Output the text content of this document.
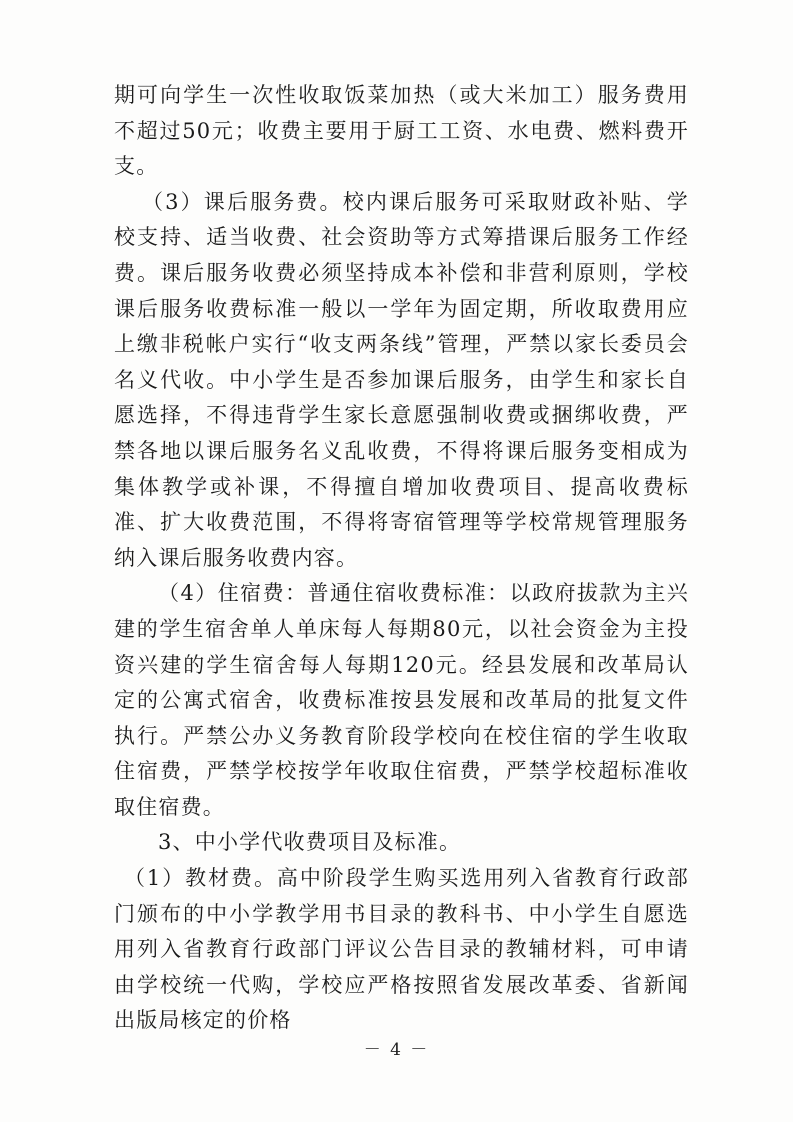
期可向学生一次性收取饭菜加热（或大米加工）服务费用不超过50元；收费主要用于厨工工资、水电费、燃料费开支。

（3）课后服务费。校内课后服务可采取财政补贴、学校支持、适当收费、社会资助等方式筹措课后服务工作经费。课后服务收费必须坚持成本补偿和非营利原则，学校课后服务收费标准一般以一学年为固定期，所收取费用应上缴非税帐户实行“收支两条线”管理，严禁以家长委员会名义代收。中小学生是否参加课后服务，由学生和家长自愿选择，不得违背学生家长意愿强制收费或捆绑收费，严禁各地以课后服务名义乱收费，不得将课后服务变相成为集体教学或补课，不得擅自增加收费项目、提高收费标准、扩大收费范围，不得将寄宿管理等学校常规管理服务纳入课后服务收费内容。

（4）住宿费：普通住宿收费标准：以政府拔款为主兴建的学生宿舍单人单床每人每期80元，以社会资金为主投资兴建的学生宿舍每人每期120元。经县发展和改革局认定的公寓式宿舍，收费标准按县发展和改革局的批复文件执行。严禁公办义务教育阶段学校向在校住宿的学生收取住宿费，严禁学校按学年收取住宿费，严禁学校超标准收取住宿费。

3、中小学代收费项目及标准。

（1）教材费。高中阶段学生购买选用列入省教育行政部门颁布的中小学教学用书目录的教科书、中小学生自愿选用列入省教育行政部门评议公告目录的教辅材料，可申请由学校统一代购，学校应严格按照省发展改革委、省新闻出版局核定的价格

－ 4 －
